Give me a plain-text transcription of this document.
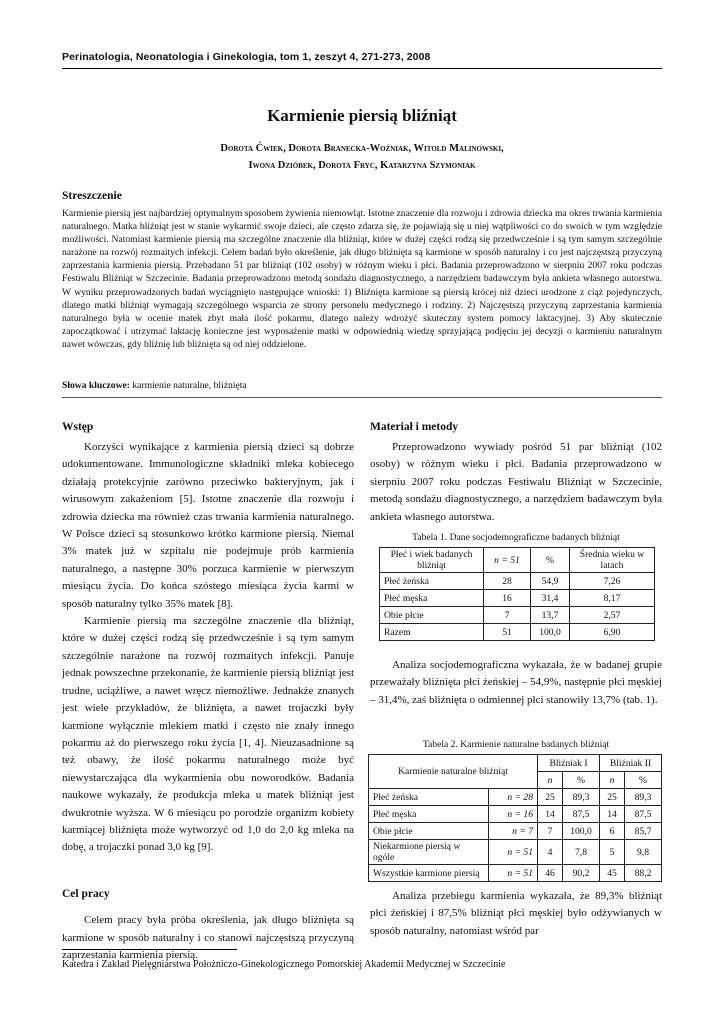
Perinatologia, Neonatologia i Ginekologia, tom 1, zeszyt 4, 271-273, 2008
Karmienie piersią bliźniąt
Dorota Ćwiek, Dorota Branecka-Woźniak, Witold Malinowski,
Iwona Dzióbek, Dorota Fryc, Katarzyna Szymoniak
Streszczenie
Karmienie piersią jest najbardziej optymalnym sposobem żywienia niemowląt. Istotne znaczenie dla rozwoju i zdrowia dziecka ma okres trwania karmienia naturalnego. Matka bliźniąt jest w stanie wykarmić swoje dzieci, ale często zdarza się, że pojawiają się u niej wątpliwości co do swoich w tym względzie możliwości. Natomiast karmienie piersią ma szczególne znaczenie dla bliźniąt, które w dużej części rodzą się przedwcześnie i są tym samym szczególnie narażone na rozwój rozmaitych infekcji. Celem badań było określenie, jak długo bliźnięta są karmione w sposób naturalny i co jest najczęstszą przyczyną zaprzestania karmienia piersią. Przebadano 51 par bliźniąt (102 osoby) w różnym wieku i płci. Badania przeprowadzono w sierpniu 2007 roku podczas Festiwalu Bliźniąt w Szczecinie. Badania przeprowadzono metodą sondażu diagnostycznego, a narzędziem badawczym była ankieta własnego autorstwa. W wyniku przeprowadzonych badań wyciągnięto następujące wnioski: 1) Bliźnięta karmione są piersią krócej niż dzieci urodzone z ciąż pojedynczych, dlatego matki bliźniąt wymagają szczególnego wsparcia ze strony personelu medycznego i rodziny. 2) Najczęstszą przyczyną zaprzestania karmienia naturalnego była w ocenie matek zbyt mała ilość pokarmu, dlatego należy wdrożyć skuteczny system pomocy laktacyjnej. 3) Aby skutecznie zapoczątkować i utrzymać laktację konieczne jest wyposażenie matki w odpowiednią wiedzę sprzyjającą podjęciu jej decyzji o karmieniu naturalnym nawet wówczas, gdy bliźnię lub bliźnięta są od niej oddzielone.
Słowa kluczowe: karmienie naturalne, bliźnięta
Wstęp

Korzyści wynikające z karmienia piersią dzieci są dobrze udokumentowane. Immunologiczne składniki mleka kobiecego działają protekcyjnie zarówno przeciwko bakteryjnym, jak i wirusowym zakażeniom [5]. Istotne znaczenie dla rozwoju i zdrowia dziecka ma również czas trwania karmienia naturalnego. W Polsce dzieci są stosunkowo krótko karmione piersią. Niemal 3% matek już w szpitalu nie podejmuje prób karmienia naturalnego, a następne 30% porzuca karmienie w pierwszym miesiącu życia. Do końca szóstego miesiąca życia karmi w sposób naturalny tylko 35% matek [8].

Karmienie piersią ma szczególne znaczenie dla bliźniąt, które w dużej części rodzą się przedwcześnie i są tym samym szczególnie narażone na rozwój rozmaitych infekcji. Panuje jednak powszechne przekonanie, że karmienie piersią bliźniąt jest trudne, uciążliwe, a nawet wręcz niemożliwe. Jednakże znanych jest wiele przykładów, że bliźnięta, a nawet trojaczki były karmione wyłącznie mlekiem matki i często nie znały innego pokarmu aż do pierwszego roku życia [1, 4]. Nieuzasadnione są też obawy, że ilość pokarmu naturalnego może być niewystarczająca dla wykarmienia obu noworodków. Badania naukowe wykazały, że produkcja mleka u matek bliźniąt jest dwukrotnie wyższa. W 6 miesiącu po porodzie organizm kobiety karmiącej bliźnięta może wytworzyć od 1,0 do 2,0 kg mleka na dobę, a trojaczki ponad 3,0 kg [9].

Cel pracy

Celem pracy była próba określenia, jak długo bliźnięta są karmione w sposób naturalny i co stanowi najczęstszą przyczyną zaprzestania karmienia piersią.

Materiał i metody

Przeprowadzono wywiady pośród 51 par bliźniąt (102 osoby) w różnym wieku i płci. Badania przeprowadzono w sierpniu 2007 roku podczas Festiwalu Bliźniąt w Szczecinie, metodą sondażu diagnostycznego, a narzędziem badawczym była ankieta własnego autorstwa.

Tabela 1. Dane socjodemograficzne badanych bliźniąt
Płeć i wiek badanych bliźniąt	n = 51	%	Średnia wieku w latach
Płeć żeńska	28	54,9	7,26
Płeć męska	16	31,4	8,17
Obie płcie	7	13,7	2,57
Razem	51	100,0	6,90

Analiza socjodemograficzna wykazała, że w badanej grupie przeważały bliźnięta płci żeńskiej – 54,9%, następnie płci męskiej – 31,4%, zaś bliźnięta o odmiennej płci stanowiły 13,7% (tab. 1).

Tabela 2. Karmienie naturalne badanych bliźniąt
Karmienie naturalne bliźniąt		Bliźniak I		Bliźniak II	
		n	%	n	%
Płeć żeńska	n = 28	25	89,3	25	89,3
Płeć męska	n = 16	14	87,5	14	87,5
Obie płcie	n = 7	7	100,0	6	85,7
Niekarmione piersią w ogóle	n = 51	4	7,8	5	9,8
Wszystkie karmione piersią	n = 51	46	90,2	45	88,2

Analiza przebiegu karmienia wykazała, że 89,3% bliźniąt płci żeńskiej i 87,5% bliźniąt płci męskiej było odżywianych w sposób naturalny, natomiast wśród par

Katedra i Zakład Pielęgniarstwa Położniczo-Ginekologicznego Pomorskiej Akademii Medycznej w Szczecinie
